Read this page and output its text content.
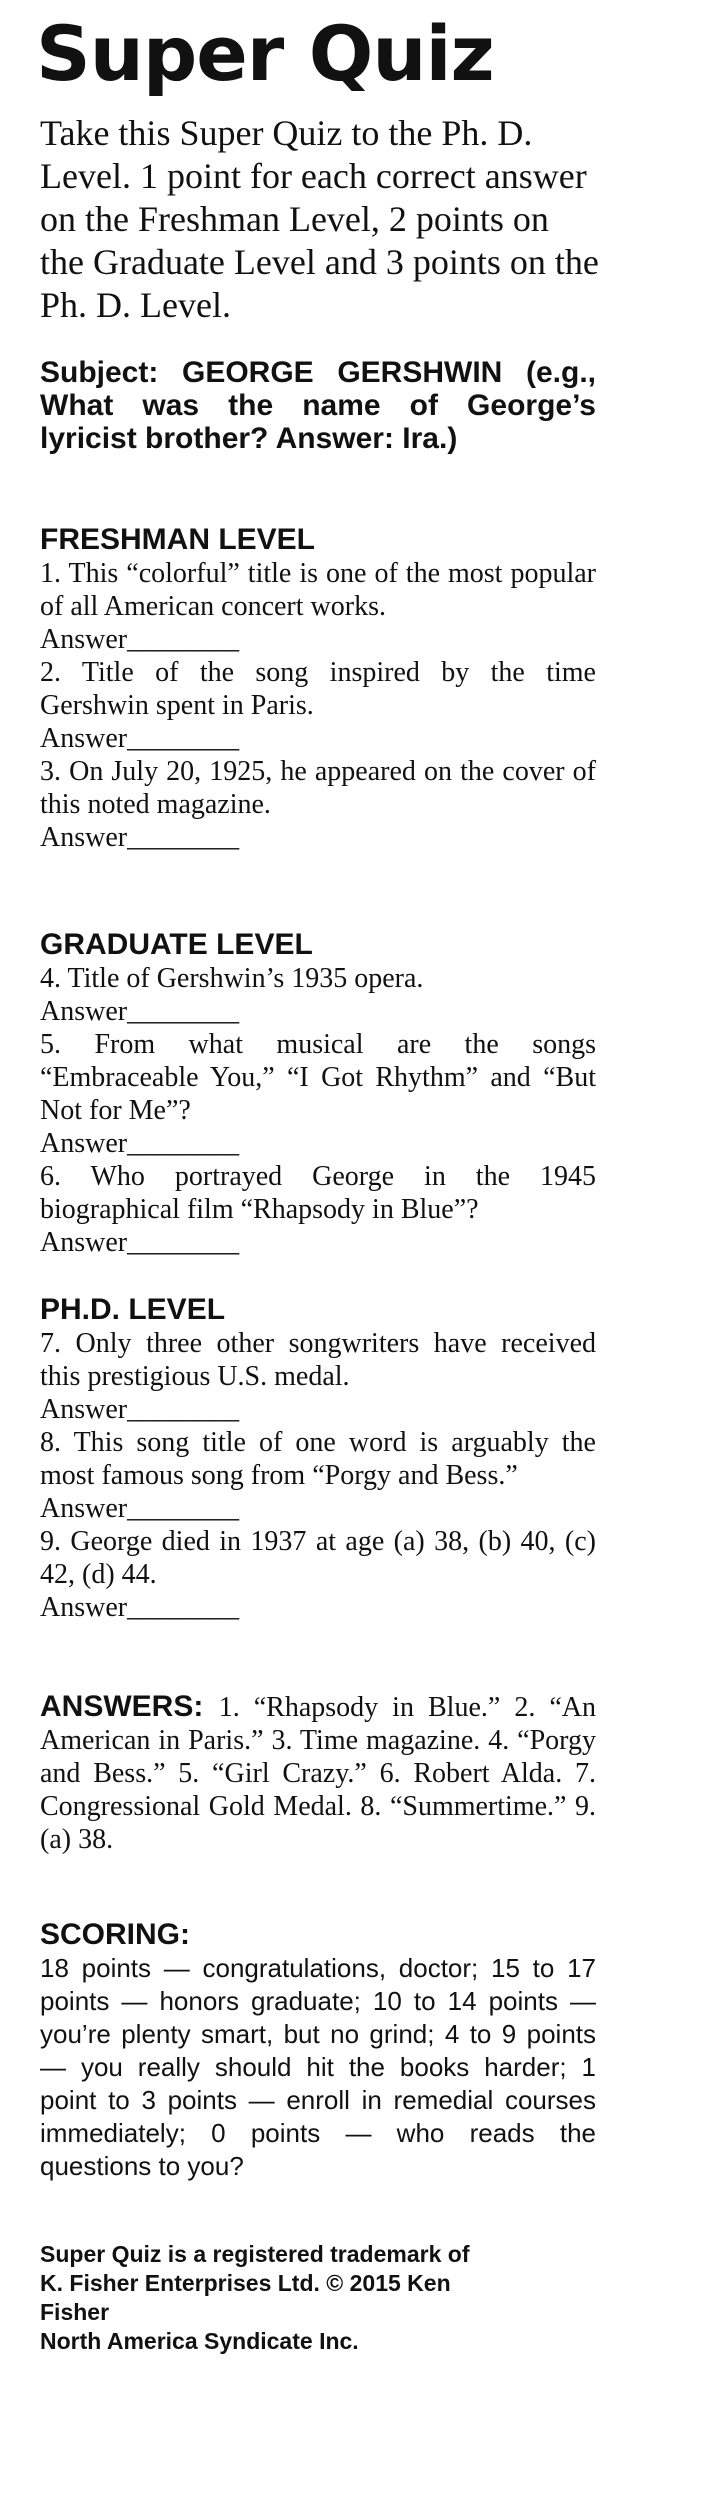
Super Quiz
Take this Super Quiz to the Ph. D. Level. 1 point for each correct answer on the Freshman Level, 2 points on the Graduate Level and 3 points on the Ph. D. Level.
Subject: GEORGE GERSHWIN (e.g., What was the name of George’s lyricist brother? Answer: Ira.)
FRESHMAN LEVEL
1. This “colorful” title is one of the most popular of all American concert works.
Answer________
2. Title of the song inspired by the time Gershwin spent in Paris.
Answer________
3. On July 20, 1925, he appeared on the cover of this noted magazine.
Answer________
GRADUATE LEVEL
4. Title of Gershwin’s 1935 opera.
Answer________
5. From what musical are the songs “Embraceable You,” “I Got Rhythm” and “But Not for Me”?
Answer________
6. Who portrayed George in the 1945 biographical film “Rhapsody in Blue”?
Answer________
PH.D. LEVEL
7. Only three other songwriters have received this prestigious U.S. medal.
Answer________
8. This song title of one word is arguably the most famous song from “Porgy and Bess.”
Answer________
9. George died in 1937 at age (a) 38, (b) 40, (c) 42, (d) 44.
Answer________
ANSWERS: 1. “Rhapsody in Blue.” 2. “An American in Paris.” 3. Time magazine. 4. “Porgy and Bess.” 5. “Girl Crazy.” 6. Robert Alda. 7. Congressional Gold Medal. 8. “Summertime.” 9. (a) 38.
SCORING:
18 points — congratulations, doctor; 15 to 17 points — honors graduate; 10 to 14 points — you’re plenty smart, but no grind; 4 to 9 points — you really should hit the books harder; 1 point to 3 points — enroll in remedial courses immediately; 0 points — who reads the questions to you?
Super Quiz is a registered trademark of
K. Fisher Enterprises Ltd. © 2015 Ken
Fisher
North America Syndicate Inc.
